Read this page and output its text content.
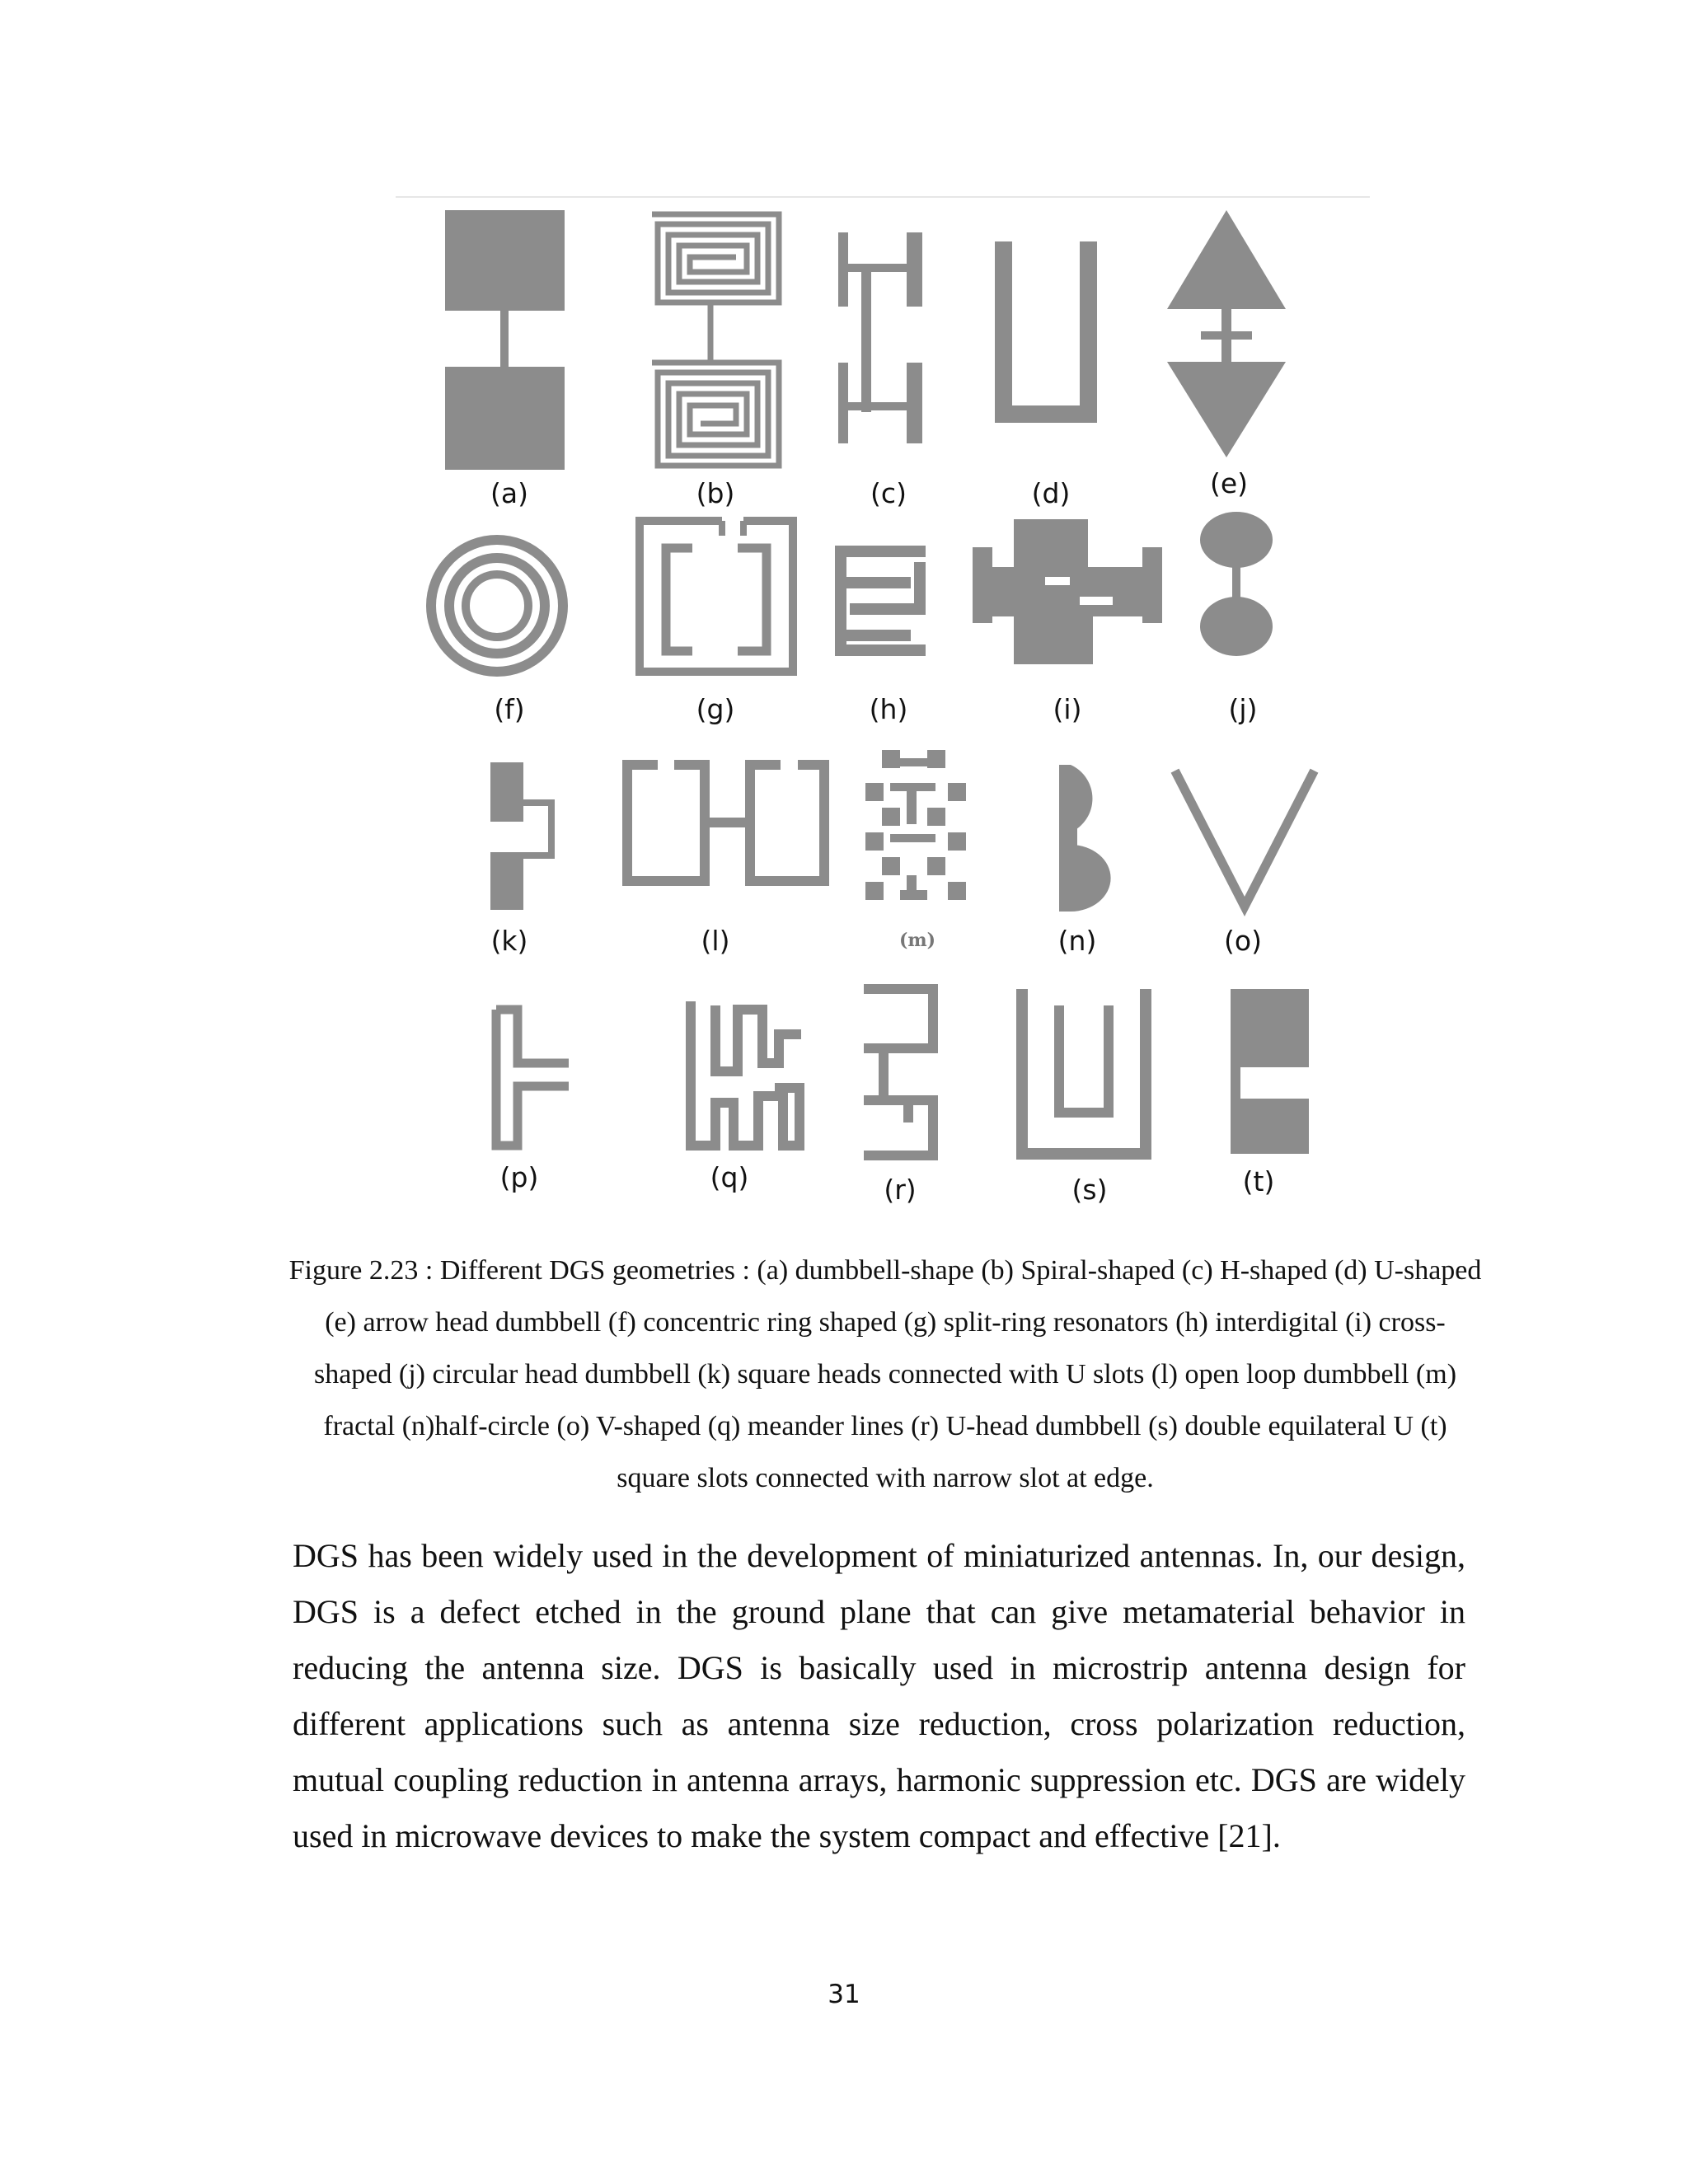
(a)	(b)	(c)	(d)	(e)
(f)	(g)	(h)	(i)	(j)
(k)	(l)	(m)	(n)	(o)
(p)	(q)	(r)	(s)	(t)
Figure 2.23 : Different DGS geometries : (a) dumbbell-shape (b) Spiral-shaped (c) H-shaped (d) U-shaped (e) arrow head dumbbell (f) concentric ring shaped (g) split-ring resonators (h) interdigital (i) cross-shaped (j) circular head dumbbell (k) square heads connected with U slots (l) open loop dumbbell (m) fractal (n)half-circle (o) V-shaped (q) meander lines (r) U-head dumbbell (s) double equilateral U (t) square slots connected with narrow slot at edge.
DGS has been widely used in the development of miniaturized antennas. In, our design, DGS is a defect etched in the ground plane that can give metamaterial behavior in reducing the antenna size. DGS is basically used in microstrip antenna design for different applications such as antenna size reduction, cross polarization reduction, mutual coupling reduction in antenna arrays, harmonic suppression etc. DGS are widely used in microwave devices to make the system compact and effective [21].
31
